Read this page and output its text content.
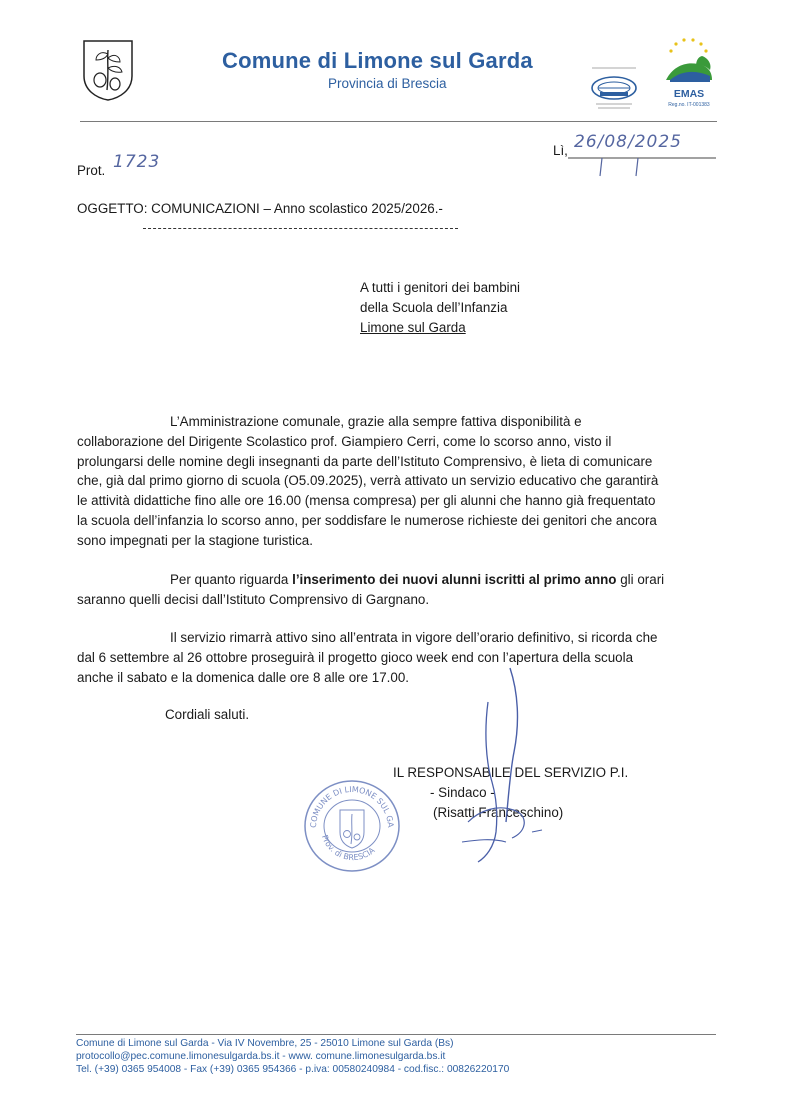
Comune di Limone sul Garda
Provincia di Brescia
EMAS
Reg.no. IT-001383
Prot. 1723
Lì, 26/08/2025
OGGETTO: COMUNICAZIONI – Anno scolastico 2025/2026.-
A tutti i genitori dei bambini
della Scuola dell’Infanzia
Limone sul Garda
L’Amministrazione comunale, grazie alla sempre fattiva disponibilità e
collaborazione del Dirigente Scolastico prof. Giampiero Cerri, come lo scorso anno, visto il
prolungarsi delle nomine degli insegnanti da parte dell’Istituto Comprensivo, è lieta di comunicare
che, già dal primo giorno di scuola (O5.09.2025), verrà attivato un servizio educativo che garantirà
le attività didattiche fino alle ore 16.00 (mensa compresa) per gli alunni che hanno già frequentato
la scuola dell’infanzia lo scorso anno, per soddisfare le numerose richieste dei genitori che ancora
sono impegnati per la stagione turistica.
Per quanto riguarda l’inserimento dei nuovi alunni iscritti al primo anno gli orari
saranno quelli decisi dall’Istituto Comprensivo di Gargnano.
Il servizio rimarrà attivo sino all’entrata in vigore dell’orario definitivo, si ricorda che
dal 6 settembre al 26 ottobre proseguirà il progetto gioco week end con l’apertura della scuola
anche il sabato e la domenica dalle ore 8 alle ore 17.00.
Cordiali saluti.
IL RESPONSABILE DEL SERVIZIO P.I.
- Sindaco -
(Risatti Franceschino)
COMUNE DI LIMONE SUL GA
Prov. di BRESCIA
Comune di Limone sul Garda - Via IV Novembre, 25 - 25010 Limone sul Garda (Bs)
protocollo@pec.comune.limonesulgarda.bs.it - www. comune.limonesulgarda.bs.it
Tel. (+39) 0365 954008 - Fax (+39) 0365 954366 - p.iva: 00580240984 - cod.fisc.: 00826220170
